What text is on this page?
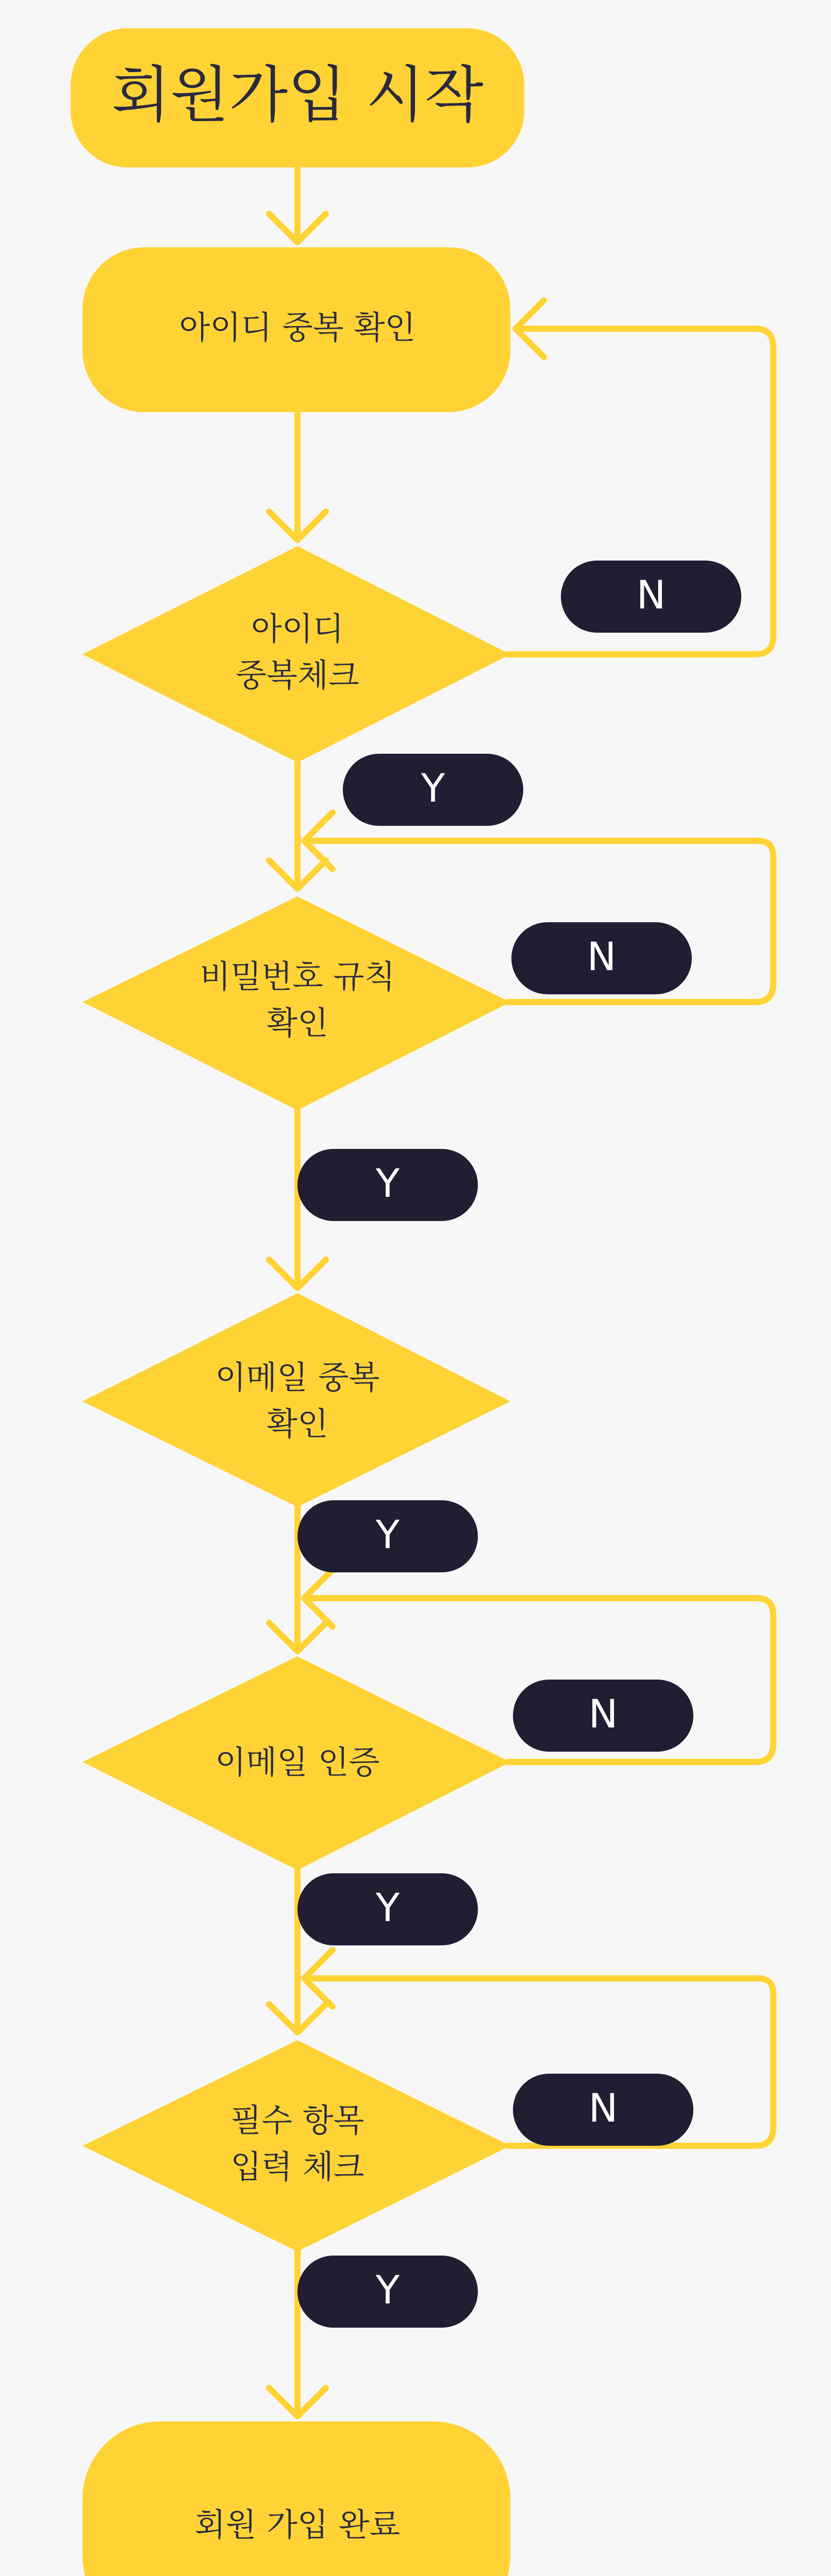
회원가입 시작
아이디 중복 확인
아이디
중복체크
비밀번호 규칙
확인
이메일 중복
확인
이메일 인증
필수 항목
입력 체크
회원 가입 완료
Y
Y
Y
Y
Y
N
N
N
N
